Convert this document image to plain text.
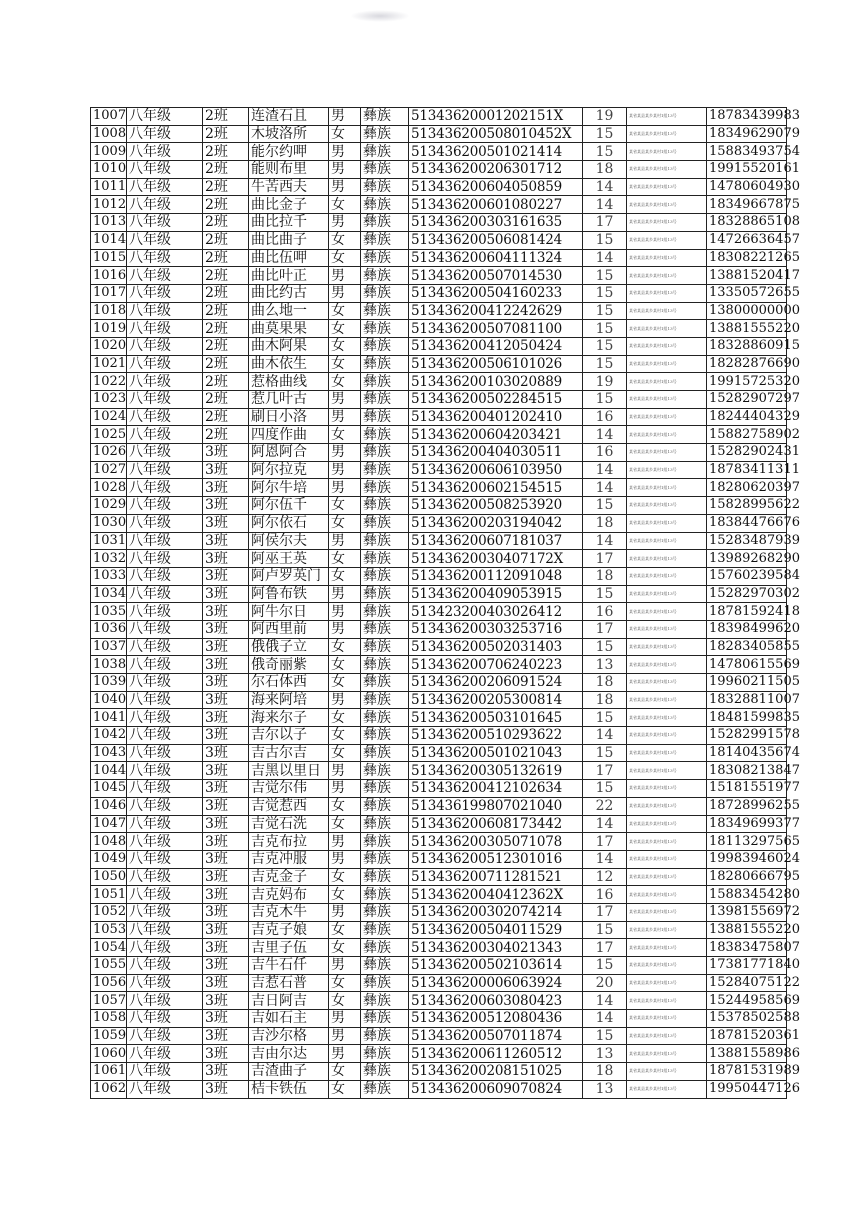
1007	八年级	2班	连渣石且	男	彝族	51343620001202151X	19	某省某县某乡某村1组13号	18783439983
1008	八年级	2班	木坡洛所	女	彝族	513436200508010452X	15	某省某县某乡某村1组13号	18349629079
1009	八年级	2班	能尔约呷	男	彝族	513436200501021414	15	某省某县某乡某村1组13号	15883493754
1010	八年级	2班	能则布里	男	彝族	513436200206301712	18	某省某县某乡某村1组13号	19915520161
1011	八年级	2班	牛苦西夫	男	彝族	513436200604050859	14	某省某县某乡某村1组13号	14780604930
1012	八年级	2班	曲比金子	女	彝族	513436200601080227	14	某省某县某乡某村1组13号	18349667875
1013	八年级	2班	曲比拉千	男	彝族	513436200303161635	17	某省某县某乡某村1组13号	18328865108
1014	八年级	2班	曲比曲子	女	彝族	513436200506081424	15	某省某县某乡某村1组13号	14726636457
1015	八年级	2班	曲比伍呷	女	彝族	513436200604111324	14	某省某县某乡某村1组13号	18308221265
1016	八年级	2班	曲比叶正	男	彝族	513436200507014530	15	某省某县某乡某村1组13号	13881520417
1017	八年级	2班	曲比约古	男	彝族	513436200504160233	15	某省某县某乡某村1组13号	13350572655
1018	八年级	2班	曲么地一	女	彝族	513436200412242629	15	某省某县某乡某村1组13号	13800000000
1019	八年级	2班	曲莫果果	女	彝族	513436200507081100	15	某省某县某乡某村1组13号	13881555220
1020	八年级	2班	曲木阿果	女	彝族	513436200412050424	15	某省某县某乡某村1组13号	18328860915
1021	八年级	2班	曲木依生	女	彝族	513436200506101026	15	某省某县某乡某村1组13号	18282876690
1022	八年级	2班	惹格曲线	女	彝族	513436200103020889	19	某省某县某乡某村1组13号	19915725320
1023	八年级	2班	惹几叶古	男	彝族	513436200502284515	15	某省某县某乡某村1组13号	15282907297
1024	八年级	2班	刷日小洛	男	彝族	513436200401202410	16	某省某县某乡某村1组13号	18244404329
1025	八年级	2班	四度作曲	女	彝族	513436200604203421	14	某省某县某乡某村1组13号	15882758902
1026	八年级	3班	阿恩阿合	男	彝族	513436200404030511	16	某省某县某乡某村1组13号	15282902431
1027	八年级	3班	阿尔拉克	男	彝族	513436200606103950	14	某省某县某乡某村1组13号	18783411311
1028	八年级	3班	阿尔牛培	男	彝族	513436200602154515	14	某省某县某乡某村1组13号	18280620397
1029	八年级	3班	阿尔伍千	女	彝族	513436200508253920	15	某省某县某乡某村1组13号	15828995622
1030	八年级	3班	阿尔依石	女	彝族	513436200203194042	18	某省某县某乡某村1组13号	18384476676
1031	八年级	3班	阿侯尔夫	男	彝族	513436200607181037	14	某省某县某乡某村1组13号	15283487939
1032	八年级	3班	阿巫王英	女	彝族	51343620030407172X	17	某省某县某乡某村1组13号	13989268290
1033	八年级	3班	阿卢罗英门	女	彝族	513436200112091048	18	某省某县某乡某村1组13号	15760239584
1034	八年级	3班	阿鲁布铁	男	彝族	513436200409053915	15	某省某县某乡某村1组13号	15282970302
1035	八年级	3班	阿牛尔日	男	彝族	513423200403026412	16	某省某县某乡某村1组13号	18781592418
1036	八年级	3班	阿西里前	男	彝族	513436200303253716	17	某省某县某乡某村1组13号	18398499620
1037	八年级	3班	俄俄子立	女	彝族	513436200502031403	15	某省某县某乡某村1组13号	18283405855
1038	八年级	3班	俄奇丽紫	女	彝族	513436200706240223	13	某省某县某乡某村1组13号	14780615569
1039	八年级	3班	尔石体西	女	彝族	513436200206091524	18	某省某县某乡某村1组13号	19960211505
1040	八年级	3班	海来阿培	男	彝族	513436200205300814	18	某省某县某乡某村1组13号	18328811007
1041	八年级	3班	海来尔子	女	彝族	513436200503101645	15	某省某县某乡某村1组13号	18481599835
1042	八年级	3班	吉尔以子	女	彝族	513436200510293622	14	某省某县某乡某村1组13号	15282991578
1043	八年级	3班	吉古尔吉	女	彝族	513436200501021043	15	某省某县某乡某村1组13号	18140435674
1044	八年级	3班	吉黑以里日	男	彝族	513436200305132619	17	某省某县某乡某村1组13号	18308213847
1045	八年级	3班	吉觉尔伟	男	彝族	513436200412102634	15	某省某县某乡某村1组13号	15181551977
1046	八年级	3班	吉觉惹西	女	彝族	513436199807021040	22	某省某县某乡某村1组13号	18728996255
1047	八年级	3班	吉觉石洗	女	彝族	513436200608173442	14	某省某县某乡某村1组13号	18349699377
1048	八年级	3班	吉克布拉	男	彝族	513436200305071078	17	某省某县某乡某村1组13号	18113297565
1049	八年级	3班	吉克冲服	男	彝族	513436200512301016	14	某省某县某乡某村1组13号	19983946024
1050	八年级	3班	吉克金子	女	彝族	513436200711281521	12	某省某县某乡某村1组13号	18280666795
1051	八年级	3班	吉克妈布	女	彝族	51343620040412362X	16	某省某县某乡某村1组13号	15883454280
1052	八年级	3班	吉克木牛	男	彝族	513436200302074214	17	某省某县某乡某村1组13号	13981556972
1053	八年级	3班	吉克子娘	女	彝族	513436200504011529	15	某省某县某乡某村1组13号	13881555220
1054	八年级	3班	吉里子伍	女	彝族	513436200304021343	17	某省某县某乡某村1组13号	18383475807
1055	八年级	3班	吉牛石仟	男	彝族	513436200502103614	15	某省某县某乡某村1组13号	17381771840
1056	八年级	3班	吉惹石普	女	彝族	513436200006063924	20	某省某县某乡某村1组13号	15284075122
1057	八年级	3班	吉日阿吉	女	彝族	513436200603080423	14	某省某县某乡某村1组13号	15244958569
1058	八年级	3班	吉如石主	男	彝族	513436200512080436	14	某省某县某乡某村1组13号	15378502588
1059	八年级	3班	吉沙尔格	男	彝族	513436200507011874	15	某省某县某乡某村1组13号	18781520361
1060	八年级	3班	吉由尔达	男	彝族	513436200611260512	13	某省某县某乡某村1组13号	13881558986
1061	八年级	3班	吉渣曲子	女	彝族	513436200208151025	18	某省某县某乡某村1组13号	18781531989
1062	八年级	3班	桔卡铁伍	女	彝族	513436200609070824	13	某省某县某乡某村1组13号	19950447126
